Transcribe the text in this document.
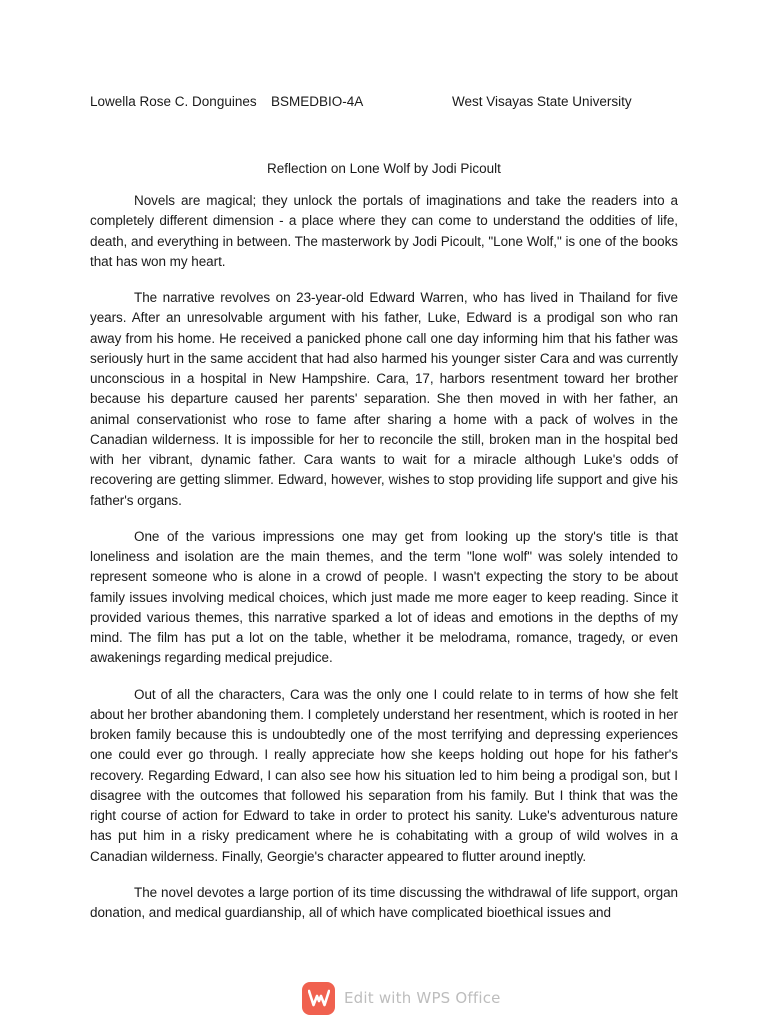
Lowella Rose C. Donguines BSMEDBIO-4A	West Visayas State University
Reflection on Lone Wolf by Jodi Picoult

Novels are magical; they unlock the portals of imaginations and take the readers into a completely different dimension - a place where they can come to understand the oddities of life, death, and everything in between. The masterwork by Jodi Picoult, "Lone Wolf," is one of the books that has won my heart.

The narrative revolves on 23-year-old Edward Warren, who has lived in Thailand for five years. After an unresolvable argument with his father, Luke, Edward is a prodigal son who ran away from his home. He received a panicked phone call one day informing him that his father was seriously hurt in the same accident that had also harmed his younger sister Cara and was currently unconscious in a hospital in New Hampshire. Cara, 17, harbors resentment toward her brother because his departure caused her parents' separation. She then moved in with her father, an animal conservationist who rose to fame after sharing a home with a pack of wolves in the Canadian wilderness. It is impossible for her to reconcile the still, broken man in the hospital bed with her vibrant, dynamic father. Cara wants to wait for a miracle although Luke's odds of recovering are getting slimmer. Edward, however, wishes to stop providing life support and give his father's organs.

One of the various impressions one may get from looking up the story's title is that loneliness and isolation are the main themes, and the term "lone wolf" was solely intended to represent someone who is alone in a crowd of people. I wasn't expecting the story to be about family issues involving medical choices, which just made me more eager to keep reading. Since it provided various themes, this narrative sparked a lot of ideas and emotions in the depths of my mind. The film has put a lot on the table, whether it be melodrama, romance, tragedy, or even awakenings regarding medical prejudice.

Out of all the characters, Cara was the only one I could relate to in terms of how she felt about her brother abandoning them. I completely understand her resentment, which is rooted in her broken family because this is undoubtedly one of the most terrifying and depressing experiences one could ever go through. I really appreciate how she keeps holding out hope for his father's recovery. Regarding Edward, I can also see how his situation led to him being a prodigal son, but I disagree with the outcomes that followed his separation from his family. But I think that was the right course of action for Edward to take in order to protect his sanity. Luke's adventurous nature has put him in a risky predicament where he is cohabitating with a group of wild wolves in a Canadian wilderness. Finally, Georgie's character appeared to flutter around ineptly.

The novel devotes a large portion of its time discussing the withdrawal of life support, organ donation, and medical guardianship, all of which have complicated bioethical issues and

Edit with WPS Office
